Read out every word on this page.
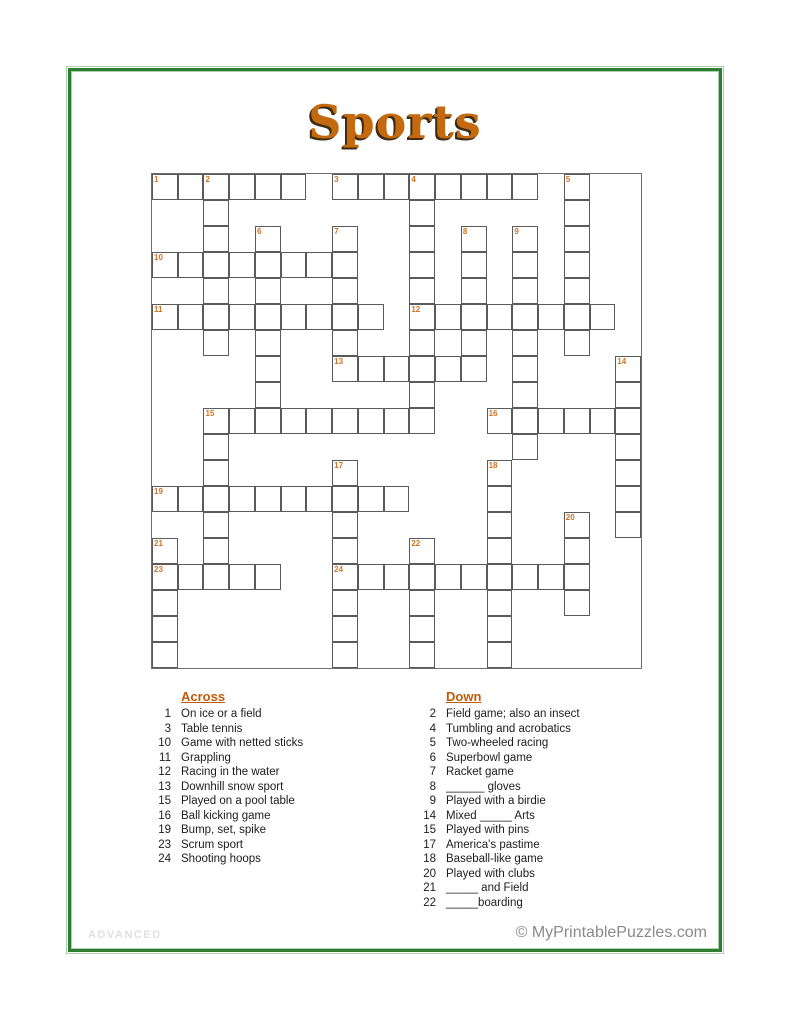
Sports
1	2	3	4	5
6	7	8	9
10
11	12
13	14
15	16
17	18
19
20
21	22
23	24
Across
1 On ice or a field
3 Table tennis
10 Game with netted sticks
11 Grappling
12 Racing in the water
13 Downhill snow sport
15 Played on a pool table
16 Ball kicking game
19 Bump, set, spike
23 Scrum sport
24 Shooting hoops
Down
2 Field game; also an insect
4 Tumbling and acrobatics
5 Two-wheeled racing
6 Superbowl game
7 Racket game
8 ______ gloves
9 Played with a birdie
14 Mixed _____ Arts
15 Played with pins
17 America's pastime
18 Baseball-like game
20 Played with clubs
21 _____ and Field
22 _____boarding
ADVANCED	© MyPrintablePuzzles.com
